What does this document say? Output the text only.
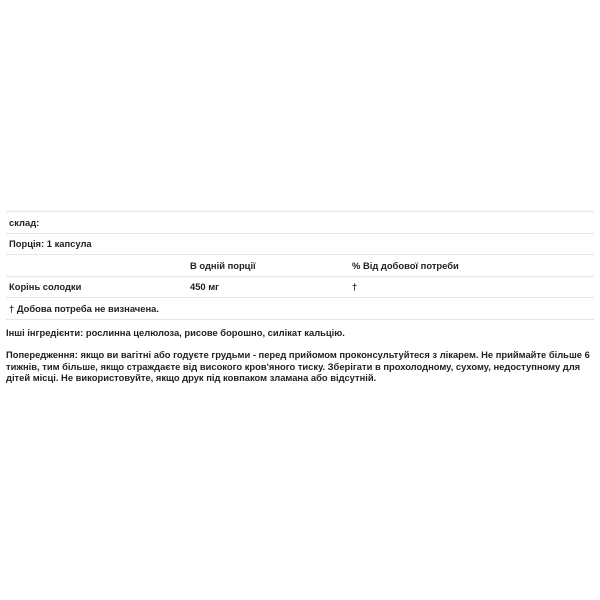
склад:		
Порція: 1 капсула		
	В одній порції	% Від добової потреби
Корінь солодки	450 мг	†
† Добова потреба не визначена.		

Інші інгредієнти: рослинна целюлоза, рисове борошно, силікат кальцію.

Попередження: якщо ви вагітні або годуєте грудьми - перед прийомом проконсультуйтеся з лікарем. Не приймайте більше 6 тижнів, тим більше, якщо страждаєте від високого кров'яного тиску. Зберігати в прохолодному, сухому, недоступному для дітей місці. Не використовуйте, якщо друк під ковпаком зламана або відсутній.
